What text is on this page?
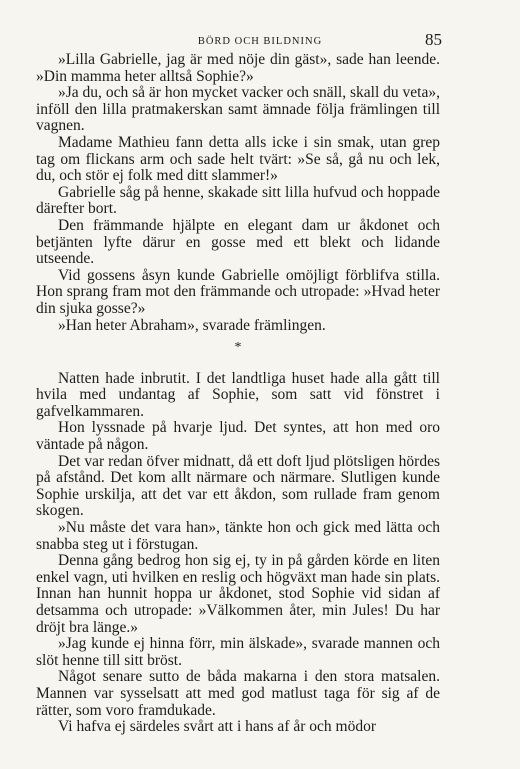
BÖRD OCH BILDNING	85

»Lilla Gabrielle, jag är med nöje din gäst», sade han leende. »Din mamma heter alltså Sophie?»

»Ja du, och så är hon mycket vacker och snäll, skall du veta», inföll den lilla pratmakerskan samt ämnade följa främlingen till vagnen.

Madame Mathieu fann detta alls icke i sin smak, utan grep tag om flickans arm och sade helt tvärt: »Se så, gå nu och lek, du, och stör ej folk med ditt slammer!»

Gabrielle såg på henne, skakade sitt lilla hufvud och hoppade därefter bort.

Den främmande hjälpte en elegant dam ur åkdonet och betjänten lyfte därur en gosse med ett blekt och lidande utseende.

Vid gossens åsyn kunde Gabrielle omöjligt förblifva stilla. Hon sprang fram mot den främmande och utropade: »Hvad heter din sjuka gosse?»

»Han heter Abraham», svarade främlingen.

*

Natten hade inbrutit. I det landtliga huset hade alla gått till hvila med undantag af Sophie, som satt vid fönstret i gafvelkammaren.

Hon lyssnade på hvarje ljud. Det syntes, att hon med oro väntade på någon.

Det var redan öfver midnatt, då ett doft ljud plötsligen hördes på afstånd. Det kom allt närmare och närmare. Slutligen kunde Sophie urskilja, att det var ett åkdon, som rullade fram genom skogen.

»Nu måste det vara han», tänkte hon och gick med lätta och snabba steg ut i förstugan.

Denna gång bedrog hon sig ej, ty in på gården körde en liten enkel vagn, uti hvilken en reslig och högväxt man hade sin plats. Innan han hunnit hoppa ur åkdonet, stod Sophie vid sidan af detsamma och utropade: »Välkommen åter, min Jules! Du har dröjt bra länge.»

»Jag kunde ej hinna förr, min älskade», svarade mannen och slöt henne till sitt bröst.

Något senare sutto de båda makarna i den stora matsalen. Mannen var sysselsatt att med god matlust taga för sig af de rätter, som voro framdukade.

Vi hafva ej särdeles svårt att i hans af år och mödor
